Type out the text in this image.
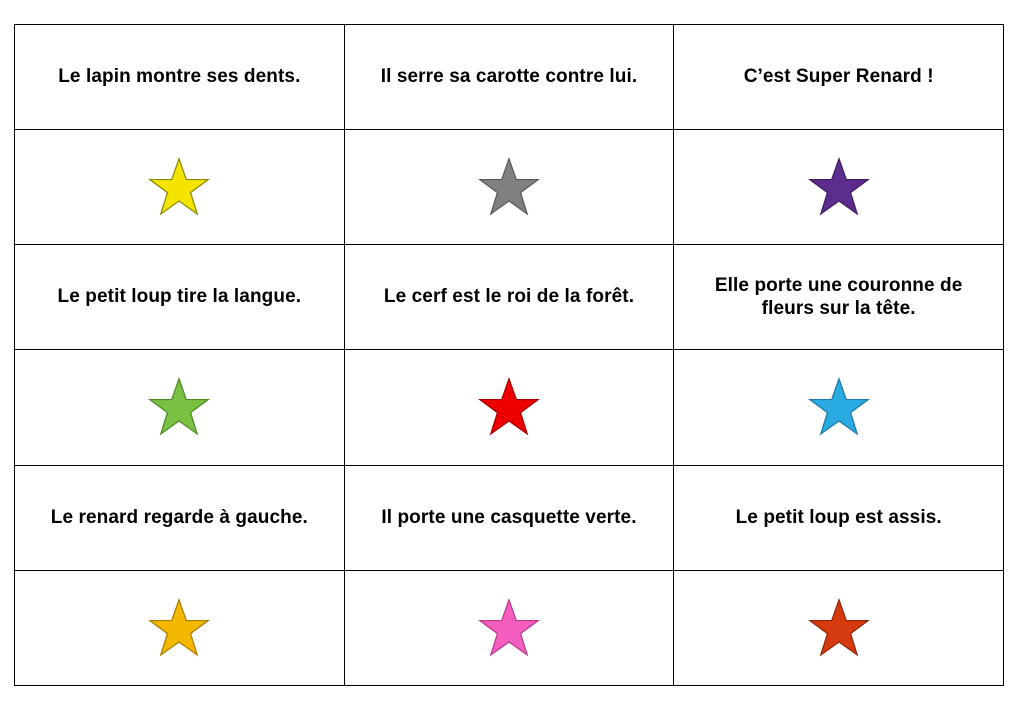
Le lapin montre ses dents.	Il serre sa carotte contre lui.	C’est Super Renard !

Le petit loup tire la langue.	Le cerf est le roi de la forêt.	Elle porte une couronne de fleurs sur la tête.

Le renard regarde à gauche.	Il porte une casquette verte.	Le petit loup est assis.
